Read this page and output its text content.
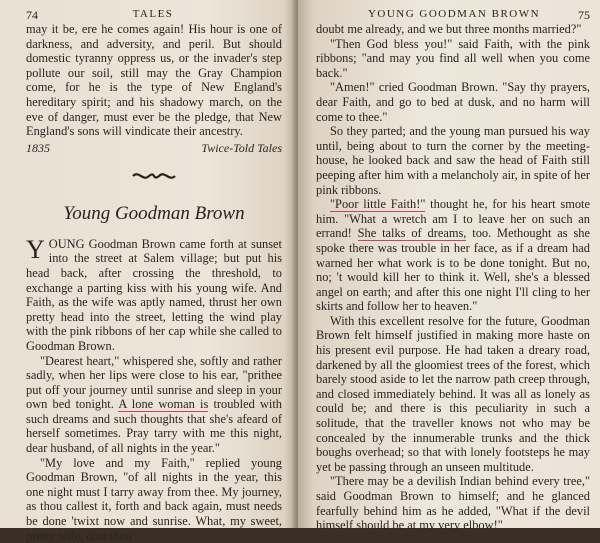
74	TALES

may it be, ere he comes again! His hour is one of darkness, and adversity, and peril. But should domestic tyranny oppress us, or the invader's step pollute our soil, still may the Gray Champion come, for he is the type of New England's hereditary spirit; and his shadowy march, on the eve of danger, must ever be the pledge, that New England's sons will vindicate their ancestry.

1835	Twice-Told Tales
Young Goodman Brown

YOUNG Goodman Brown came forth at sunset into the street at Salem village; but put his head back, after crossing the threshold, to exchange a parting kiss with his young wife. And Faith, as the wife was aptly named, thrust her own pretty head into the street, letting the wind play with the pink ribbons of her cap while she called to Goodman Brown.

"Dearest heart," whispered she, softly and rather sadly, when her lips were close to his ear, "prithee put off your journey until sunrise and sleep in your own bed tonight. A lone woman is troubled with such dreams and such thoughts that she's afeard of herself sometimes. Pray tarry with me this night, dear husband, of all nights in the year."

"My love and my Faith," replied young Goodman Brown, "of all nights in the year, this one night must I tarry away from thee. My journey, as thou callest it, forth and back again, must needs be done 'twixt now and sunrise. What, my sweet, pretty wife, dost thou

YOUNG GOODMAN BROWN	75

doubt me already, and we but three months married?"

"Then God bless you!" said Faith, with the pink ribbons; "and may you find all well when you come back."

"Amen!" cried Goodman Brown. "Say thy prayers, dear Faith, and go to bed at dusk, and no harm will come to thee."

So they parted; and the young man pursued his way until, being about to turn the corner by the meeting-house, he looked back and saw the head of Faith still peeping after him with a melancholy air, in spite of her pink ribbons.

"Poor little Faith!" thought he, for his heart smote him. "What a wretch am I to leave her on such an errand! She talks of dreams, too. Methought as she spoke there was trouble in her face, as if a dream had warned her what work is to be done tonight. But no, no; 't would kill her to think it. Well, she's a blessed angel on earth; and after this one night I'll cling to her skirts and follow her to heaven."

With this excellent resolve for the future, Goodman Brown felt himself justified in making more haste on his present evil purpose. He had taken a dreary road, darkened by all the gloomiest trees of the forest, which barely stood aside to let the narrow path creep through, and closed immediately behind. It was all as lonely as could be; and there is this peculiarity in such a solitude, that the traveller knows not who may be concealed by the innumerable trunks and the thick boughs overhead; so that with lonely footsteps he may yet be passing through an unseen multitude.

"There may be a devilish Indian behind every tree," said Goodman Brown to himself; and he glanced fearfully behind him as he added, "What if the devil himself should be at my very elbow!"
